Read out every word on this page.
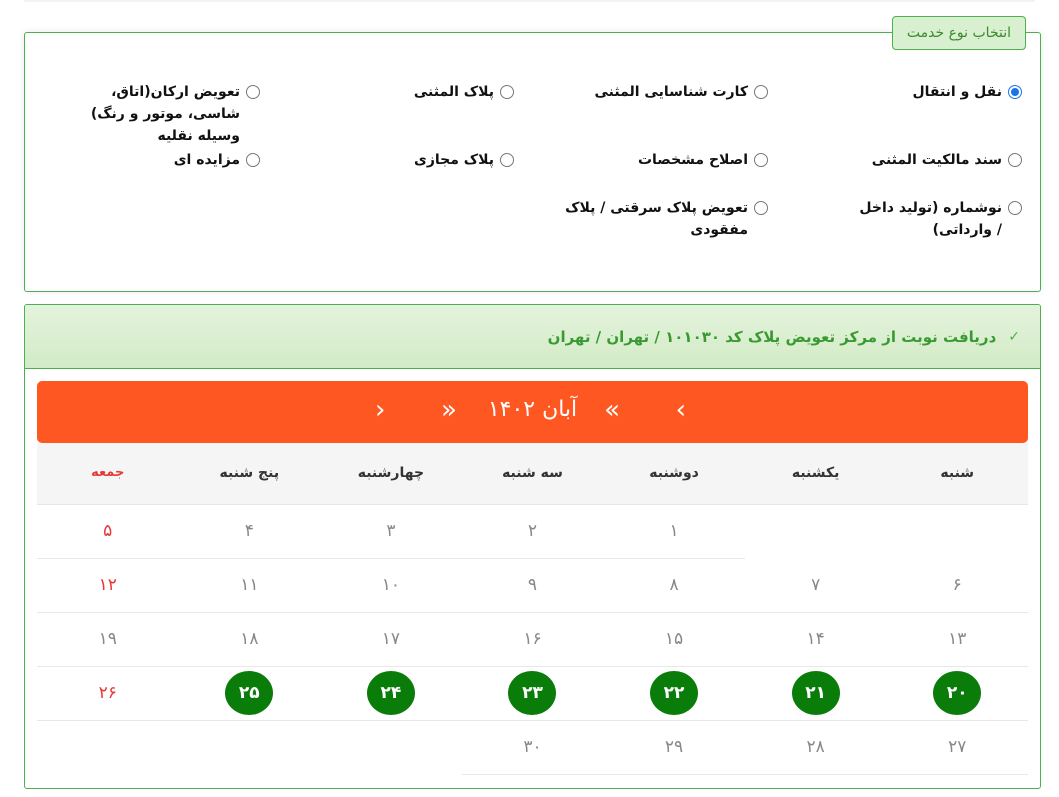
انتخاب نوع خدمت
نقل و انتقال
کارت شناسایی المثنی
پلاک المثنی
تعویض ارکان(اتاق، شاسی، موتور و رنگ) وسیله نقلیه
سند مالکیت المثنی
اصلاح مشخصات
پلاک مجازی
مزایده ای
نوشماره (تولید داخل / وارداتی)
تعویض پلاک سرقتی / پلاک مفقودی
✓
دریافت نوبت از مرکز تعویض پلاک کد ۱۰۱۰۳۰ / تهران / تهران
›
»
آبان ۱۴۰۲
«
‹
شنبه
یکشنبه
دوشنبه
سه شنبه
چهارشنبه
پنج شنبه
جمعه
۱
۲
۳
۴
۵
۶
۷
۸
۹
۱۰
۱۱
۱۲
۱۳
۱۴
۱۵
۱۶
۱۷
۱۸
۱۹
۲۰
۲۱
۲۲
۲۳
۲۴
۲۵
۲۶
۲۷
۲۸
۲۹
۳۰
